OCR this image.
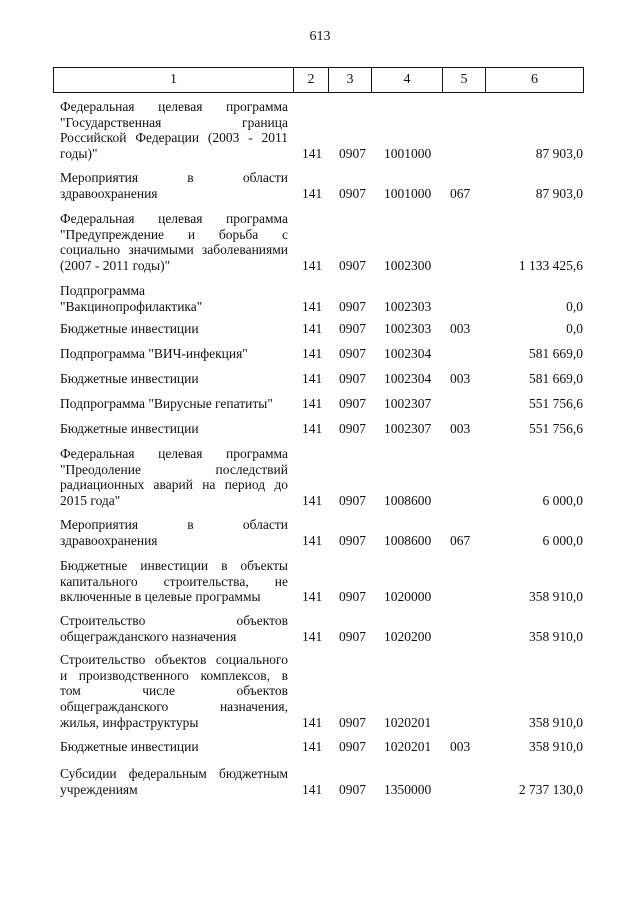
613
1	2	3	4	5	6
Федеральная целевая программа
"Государственная граница
Российской Федерации (2003 - 2011
годы)"	141 0907 1001000	87 903,0
Мероприятия в области
здравоохранения	141 0907 1001000 067	87 903,0
Федеральная целевая программа
"Предупреждение и борьба с
социально значимыми заболеваниями
(2007 - 2011 годы)"	141 0907 1002300	1 133 425,6
Подпрограмма
"Вакцинопрофилактика"	141 0907 1002303	0,0
Бюджетные инвестиции	141 0907 1002303 003	0,0
Подпрограмма "ВИЧ-инфекция"	141 0907 1002304	581 669,0
Бюджетные инвестиции	141 0907 1002304 003	581 669,0
Подпрограмма "Вирусные гепатиты"	141 0907 1002307	551 756,6
Бюджетные инвестиции	141 0907 1002307 003	551 756,6
Федеральная целевая программа
"Преодоление последствий
радиационных аварий на период до
2015 года"	141 0907 1008600	6 000,0
Мероприятия в области
здравоохранения	141 0907 1008600 067	6 000,0
Бюджетные инвестиции в объекты
капитального строительства, не
включенные в целевые программы	141 0907 1020000	358 910,0
Строительство объектов
общегражданского назначения	141 0907 1020200	358 910,0
Строительство объектов социального
и производственного комплексов, в
том числе объектов
общегражданского назначения,
жилья, инфраструктуры	141 0907 1020201	358 910,0
Бюджетные инвестиции	141 0907 1020201 003	358 910,0
Субсидии федеральным бюджетным
учреждениям	141 0907 1350000	2 737 130,0
